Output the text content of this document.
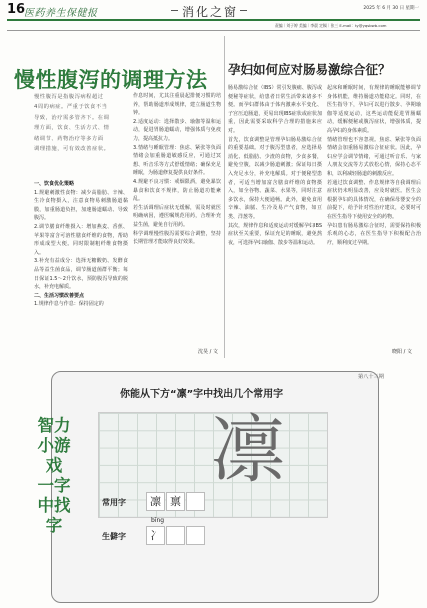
16
医药养生保健报	消化之窗	2025 年 6 月 30 日 星期一
责编｜刘子婷 美编｜李晨 定稿｜张三 E-mail：ty@yqsbwb.com
慢性腹泻的调理方法
慢性腹泻是指腹泻病程超过
4周的病症。严重于饮食不当
导致，治疗需多管齐下。在调
理方面，饮食、生活方式、情
绪调节、药物治疗等多方面
调理措施，可有效改善症状。
一、饮食优化策略
1.规避刺激性食物：减少高脂肪、辛辣、生冷食物摄入，注意食物易刺激肠道黏膜，加重肠道负担，加速肠道蠕动、导致腹泻。
2.调节膳食纤维摄入：增加燕麦、香蕉、苹果等富含可溶性膳食纤维的食物，帮助形成成型大便。同时限制粗纤维食物摄入。
3.补充有益成分：选择无糖酸奶、发酵食品等益生菌食品，调节肠道菌群平衡；每日保证1.5～2升饮水，预防腹泻导致的脱水，补充电解质。
二、生活习惯改善要点
1.规律作息与作息：保持固定的
作息时间，尤其注重晨起排便习惯的培养，帮助肠道形成规律，建立肠道生物钟。
2.适度运动：选择散步、瑜伽等温和运动，促进胃肠道蠕动，增强体质与免疫力，提高抵抗力。
3.情绪与睡眠管理：焦虑、紧张等负面情绪会加重肠道敏感反应，可通过冥想、听音乐等方式舒缓情绪；确保充足睡眠，为肠道修复提供良好条件。
4.规避不良习惯：戒烟限酒，避免暴饮暴食和饮食不规律，防止肠道功能紊乱。
若生活调理后症状无缓解，需及时就医明确病因，遵医嘱规范用药，合理补充益生菌，避免自行用药。
科学调理慢性腹泻需要综合调整，坚持长期管理才能取得良好效果。
沈昊 / 文
孕妇如何应对肠易激综合征？
肠易激综合征（IBS）常引发腹痛、腹泻或便秘等症状，给患者日常生活带来诸多不便。而孕妇群体由于体内激素水平变化、子宫压迫肠道，更易出现IBS症状或症状加重，因此需要采取科学合理的措施来应对。
首先，饮食调整是管理孕妇肠易激综合征的重要基础。对于腹泻型患者，应选择易消化、低脂肪、少渣的食物，少食多餐，避免空腹，以减少肠道刺激；保证每日摄入充足水分，补充电解质。对于便秘型患者，可适当增加富含膳食纤维的食物摄入，如全谷物、蔬菜、水果等，同时注意多饮水，保持大便通畅。此外，避免食用辛辣、油腻、生冷及易产气食物，如豆类、洋葱等。
其次，规律作息和适度运动对缓解孕妇IBS症状至关重要，保证充足的睡眠，避免熬夜，可选择孕妇瑜伽、散步等温和运动。
起床和睡眠时间，有规律的睡眠能够调节身体机能，维持肠道功能稳定。同时，在医生指导下，孕妇可以进行散步、孕期瑜伽等适度运动，这些运动能促进胃肠蠕动，缓解便秘或腹泻症状，增强体质，提高孕妇的身体素质。
情绪管理也不容忽视。焦虑、紧张等负面情绪会加重肠易激综合征症状。因此，孕妇应学会调节情绪，可通过听音乐、与家人朋友交流等方式放松心情，保持心态平和，以利减轻肠道的刺激反应。
若通过饮食调整、作息规律等自我调理后症状仍未明显改善，应及时就医。医生会根据孕妇的具体情况，在确保母婴安全的前提下，给予针对性治疗建议，必要时可在医生指导下使用安全的药物。
孕妇患有肠易激综合征时，需要保持积极乐观的心态，在医生指导下积极配合治疗，顺利度过孕期。
晓阳 / 文
第八十三期
你能从下方“凛”字中找出几个常用字
智力小游戏
一字中找字
凛
常用字	凛 禀
bīng
生僻字	冫
